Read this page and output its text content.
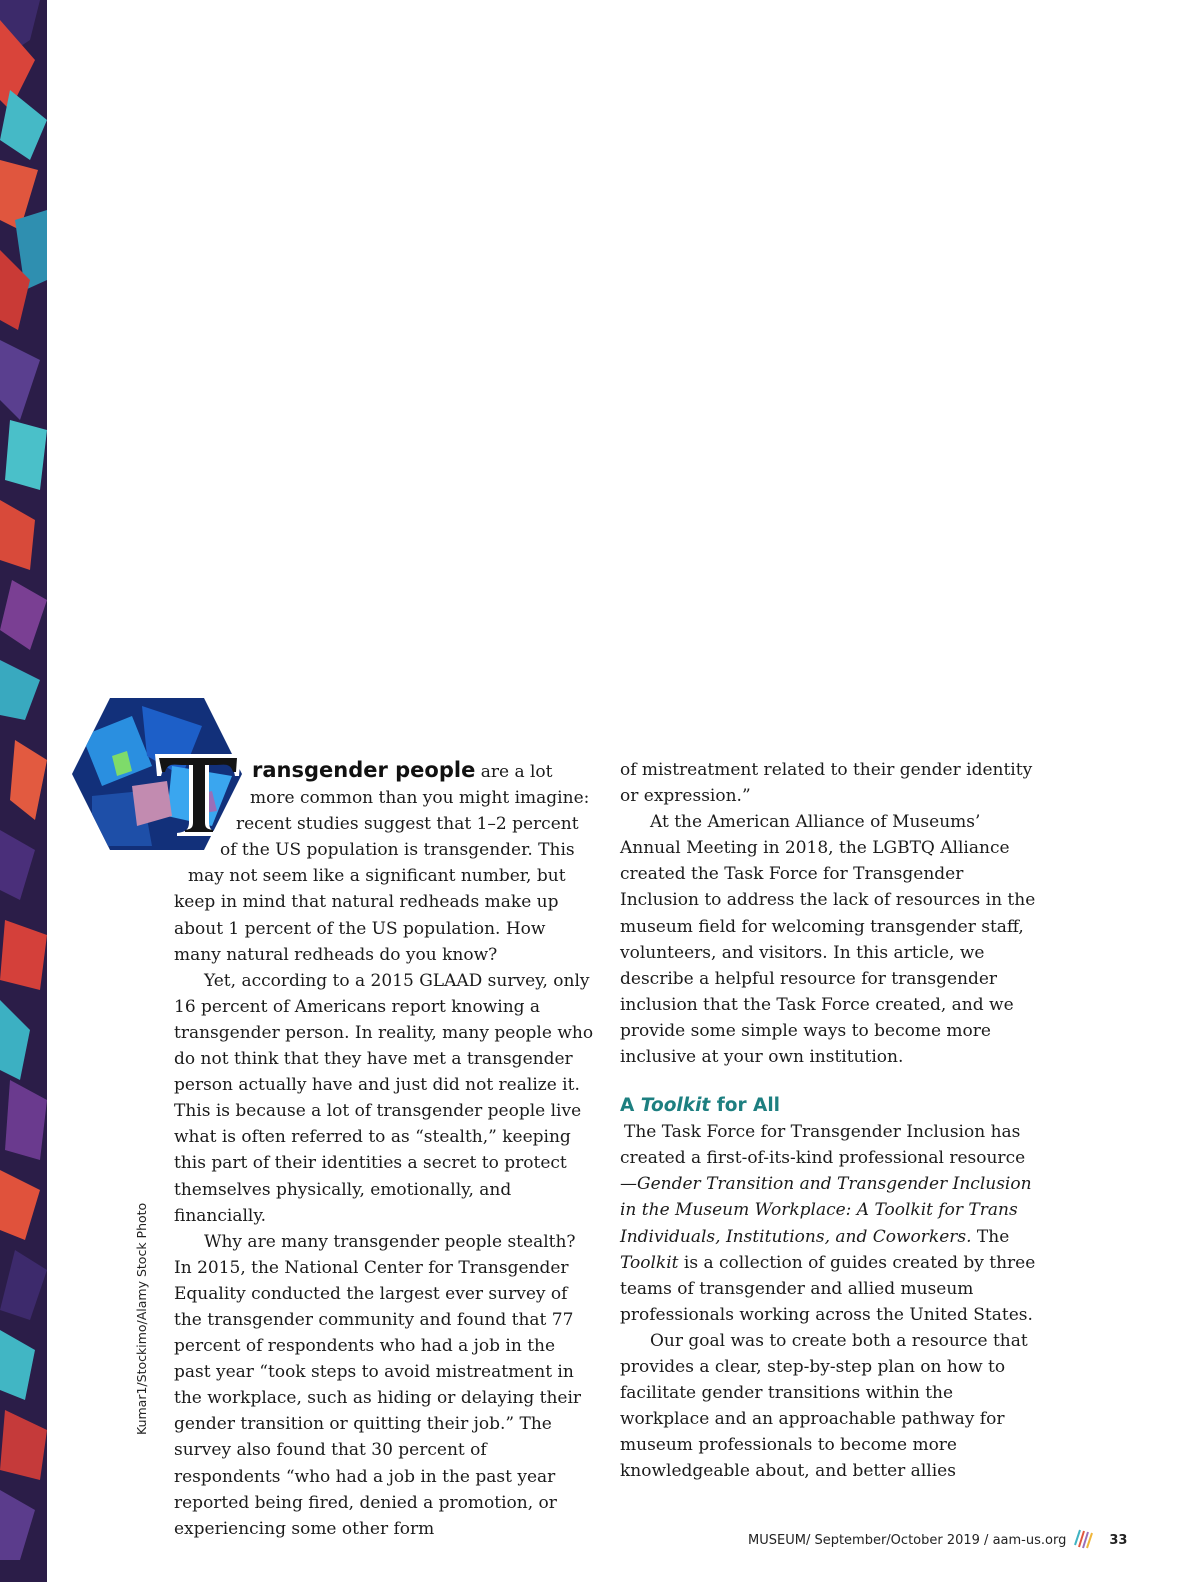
Kumar1/Stockimo/Alamy Stock Photo

ransgender people are a lot more common than you might imagine: recent studies suggest that 1–2 percent of the US population is transgender. This may not seem like a significant number, but keep in mind that natural redheads make up about 1 percent of the US population. How many natural redheads do you know?

Yet, according to a 2015 GLAAD survey, only 16 percent of Americans report knowing a transgender person. In reality, many people who do not think that they have met a transgender person actually have and just did not realize it. This is because a lot of transgender people live what is often referred to as “stealth,” keeping this part of their identities a secret to protect themselves physically, emotionally, and financially.

Why are many transgender people stealth? In 2015, the National Center for Transgender Equality conducted the largest ever survey of the transgender community and found that 77 percent of respondents who had a job in the past year “took steps to avoid mistreatment in the workplace, such as hiding or delaying their gender transition or quitting their job.” The survey also found that 30 percent of respondents “who had a job in the past year reported being fired, denied a promotion, or experiencing some other form

of mistreatment related to their gender identity or expression.”

At the American Alliance of Museums’ Annual Meeting in 2018, the LGBTQ Alliance created the Task Force for Transgender Inclusion to address the lack of resources in the museum field for welcoming transgender staff, volunteers, and visitors. In this article, we describe a helpful resource for transgender inclusion that the Task Force created, and we provide some simple ways to become more inclusive at your own institution.

A Toolkit for All

The Task Force for Transgender Inclusion has created a first-of-its-kind professional resource—Gender Transition and Transgender Inclusion in the Museum Workplace: A Toolkit for Trans Individuals, Institutions, and Coworkers. The Toolkit is a collection of guides created by three teams of transgender and allied museum professionals working across the United States.

Our goal was to create both a resource that provides a clear, step-by-step plan on how to facilitate gender transitions within the workplace and an approachable pathway for museum professionals to become more knowledgeable about, and better allies

MUSEUM / September/October 2019 / aam-us.org	33
